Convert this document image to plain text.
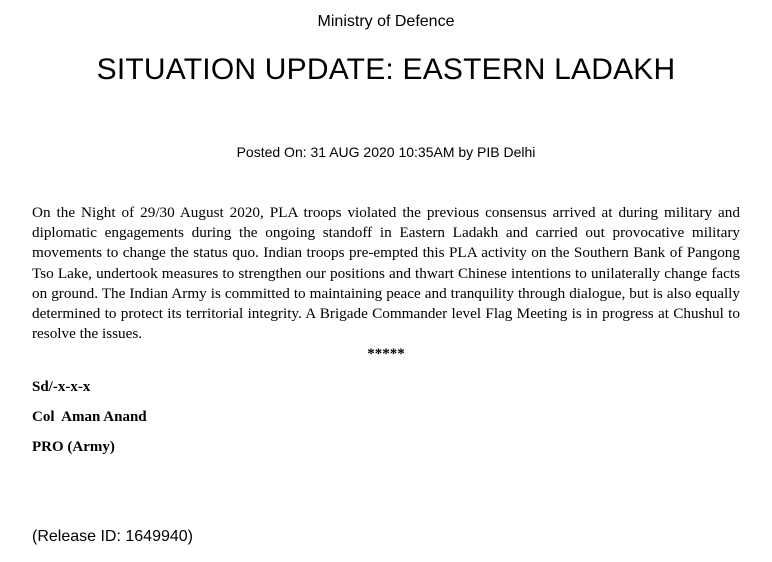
Ministry of Defence
SITUATION UPDATE: EASTERN LADAKH
Posted On: 31 AUG 2020 10:35AM by PIB Delhi
On the Night of 29/30 August 2020, PLA troops violated the previous consensus arrived at during military and diplomatic engagements during the ongoing standoff in Eastern Ladakh and carried out provocative military movements to change the status quo. Indian troops pre-empted this PLA activity on the Southern Bank of Pangong Tso Lake, undertook measures to strengthen our positions and thwart Chinese intentions to unilaterally change facts on ground. The Indian Army is committed to maintaining peace and tranquility through dialogue, but is also equally determined to protect its territorial integrity. A Brigade Commander level Flag Meeting is in progress at Chushul to resolve the issues.
*****
Sd/-x-x-x
Col  Aman Anand
PRO (Army)
(Release ID: 1649940)
